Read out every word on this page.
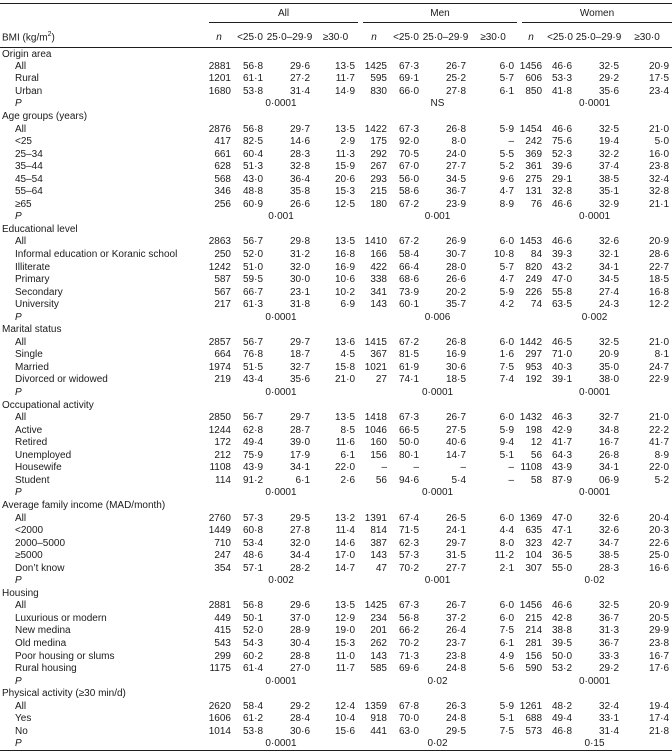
	All				Men				Women			

BMI $(kg/m^2)$	n	<25·0	25·0–29·9	≥30·0	n	<25·0	25·0–29·9	≥30·0	n	<25·0	25·0–29·9	≥30·0
Origin area												
All	2881	56·8	29·6	13·5	1425	67·3	26·7	6·0	1456	46·6	32·5	20·9
Rural	1201	61·1	27·2	11·7	595	69·1	25·2	5·7	606	53·3	29·2	17·5
Urban	1680	53·8	31·4	14·9	830	66·0	27·8	6·1	850	41·8	35·6	23·4
P	0·0001				NS				0·0001			
Age groups (years)												
All	2876	56·8	29·7	13·5	1422	67·3	26·8	5·9	1454	46·6	32·5	21·0
<25	417	82·5	14·6	2·9	175	92·0	8·0	–	242	75·6	19·4	5·0
25–34	661	60·4	28·3	11·3	292	70·5	24·0	5·5	369	52·3	32·2	16·0
35–44	628	51·3	32·8	15·9	267	67·0	27·7	5·2	361	39·6	37·4	23·8
45–54	568	43·0	36·4	20·6	293	56·0	34·5	9·6	275	29·1	38·5	32·4
55–64	346	48·8	35·8	15·3	215	58·6	36·7	4·7	131	32·8	35·1	32·8
≥65	256	60·9	26·6	12·5	180	67·2	23·9	8·9	76	46·6	32·9	21·1
P	0·001				0·001				0·0001			
Educational level												
All	2863	56·7	29·8	13·5	1410	67·2	26·9	6·0	1453	46·6	32·6	20·9
Informal education or Koranic school	250	52·0	31·2	16·8	166	58·4	30·7	10·8	84	39·3	32·1	28·6
Illiterate	1242	51·0	32·0	16·9	422	66·4	28·0	5·7	820	43·2	34·1	22·7
Primary	587	59·5	30·0	10·6	338	68·6	26·6	4·7	249	47·0	34·5	18·5
Secondary	567	66·7	23·1	10·2	341	73·9	20·2	5·9	226	55·8	27·4	16·8
University	217	61·3	31·8	6·9	143	60·1	35·7	4·2	74	63·5	24·3	12·2
P	0·0001				0·006				0·002			
Marital status												
All	2857	56·7	29·7	13·6	1415	67·2	26·8	6·0	1442	46·5	32·5	21·0
Single	664	76·8	18·7	4·5	367	81·5	16·9	1·6	297	71·0	20·9	8·1
Married	1974	51·5	32·7	15·8	1021	61·9	30·6	7·5	953	40·3	35·0	24·7
Divorced or widowed	219	43·4	35·6	21·0	27	74·1	18·5	7·4	192	39·1	38·0	22·9
P	0·0001				0·0001				0·0001			
Occupational activity												
All	2850	56·7	29·7	13·5	1418	67·3	26·7	6·0	1432	46·3	32·7	21·0
Active	1244	62·8	28·7	8·5	1046	66·5	27·5	5·9	198	42·9	34·8	22·2
Retired	172	49·4	39·0	11·6	160	50·0	40·6	9·4	12	41·7	16·7	41·7
Unemployed	212	75·9	17·9	6·1	156	80·1	14·7	5·1	56	64·3	26·8	8·9
Housewife	1108	43·9	34·1	22·0	–	–	–	–	1108	43·9	34·1	22·0
Student	114	91·2	6·1	2·6	56	94·6	5·4	–	58	87·9	06·9	5·2
P	0·0001				0·0001				0·0001			
Average family income (MAD/month)												
All	2760	57·3	29·5	13·2	1391	67·4	26·5	6·0	1369	47·0	32·6	20·4
<2000	1449	60·8	27·8	11·4	814	71·5	24·1	4·4	635	47·1	32·6	20·3
2000–5000	710	53·4	32·0	14·6	387	62·3	29·7	8·0	323	42·7	34·7	22·6
≥5000	247	48·6	34·4	17·0	143	57·3	31·5	11·2	104	36·5	38·5	25·0
Don’t know	354	57·1	28·2	14·7	47	70·2	27·7	2·1	307	55·0	28·3	16·6
P	0·002				0·001				0·02			
Housing												
All	2881	56·8	29·6	13·5	1425	67·3	26·7	6·0	1456	46·6	32·5	20·9
Luxurious or modern	449	50·1	37·0	12·9	234	56·8	37·2	6·0	215	42·8	36·7	20·5
New medina	415	52·0	28·9	19·0	201	66·2	26·4	7·5	214	38·8	31·3	29·9
Old medina	543	54·3	30·4	15·3	262	70·2	23·7	6·1	281	39·5	36·7	23·8
Poor housing or slums	299	60·2	28·8	11·0	143	71·3	23·8	4·9	156	50·0	33·3	16·7
Rural housing	1175	61·4	27·0	11·7	585	69·6	24·8	5·6	590	53·2	29·2	17·6
P	0·0001				0·02				0·0001			
Physical activity (≥30 min/d)												
All	2620	58·4	29·2	12·4	1359	67·8	26·3	5·9	1261	48·2	32·4	19·4
Yes	1606	61·2	28·4	10·4	918	70·0	24·8	5·1	688	49·4	33·1	17·4
No	1014	53·8	30·6	15·6	441	63·0	29·5	7·5	573	46·8	31·4	21·8
P	0·0001				0·02				0·15			
